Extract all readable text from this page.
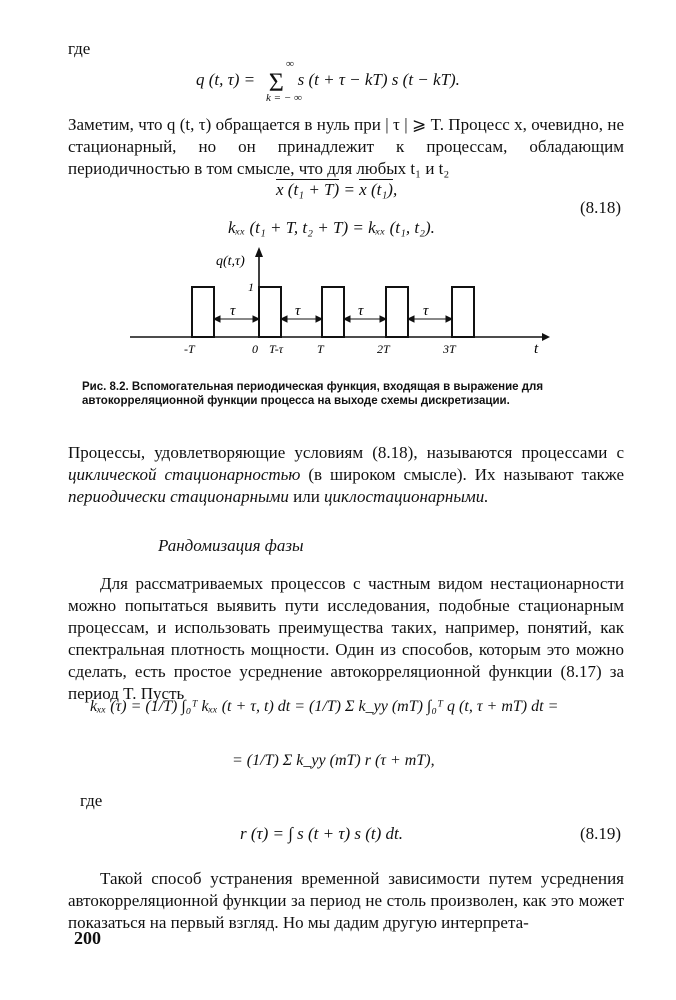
где
q (t, τ) = Σ s (t + τ − kT) s (t − kT).
∞
k = − ∞
Заметим, что q (t, τ) обращается в нуль при | τ | ⩾ T. Процесс x, очевидно, не стационарный, но он принадлежит к процессам, обладающим периодичностью в том смысле, что для любых t₁ и t₂
x (t₁ + T) = x (t₁),
(8.18)
kₓₓ (t₁ + T, t₂ + T) = kₓₓ (t₁, t₂).
q(t,τ)
1
τ	τ	τ	τ
-T	0 T-τ	T	2T	3T	t
Рис. 8.2. Вспомогательная периодическая функция, входящая в выражение для автокорреляционной функции процесса на выходе схемы дискретизации.
Процессы, удовлетворяющие условиям (8.18), называются процессами с циклической стационарностью (в широком смысле). Их называют также периодически стационарными или циклостационарными.
Рандомизация фазы
Для рассматриваемых процессов с частным видом нестационарности можно попытаться выявить пути исследования, подобные стационарным процессам, и использовать преимущества таких, например, понятий, как спектральная плотность мощности. Один из способов, которым это можно сделать, есть простое усреднение автокорреляционной функции (8.17) за период T. Пусть
kₓₓ (τ) = (1/T) ∫₀ᵀ kₓₓ (t + τ, t) dt = (1/T) Σ k_yy (mT) ∫₀ᵀ q (t, τ + mT) dt =
= (1/T) Σ k_yy (mT) r (τ + mT),
где
r (τ) = ∫ s (t + τ) s (t) dt.	(8.19)
Такой способ устранения временной зависимости путем усреднения автокорреляционной функции за период не столь произволен, как это может показаться на первый взгляд. Но мы дадим другую интерпрета-
200
